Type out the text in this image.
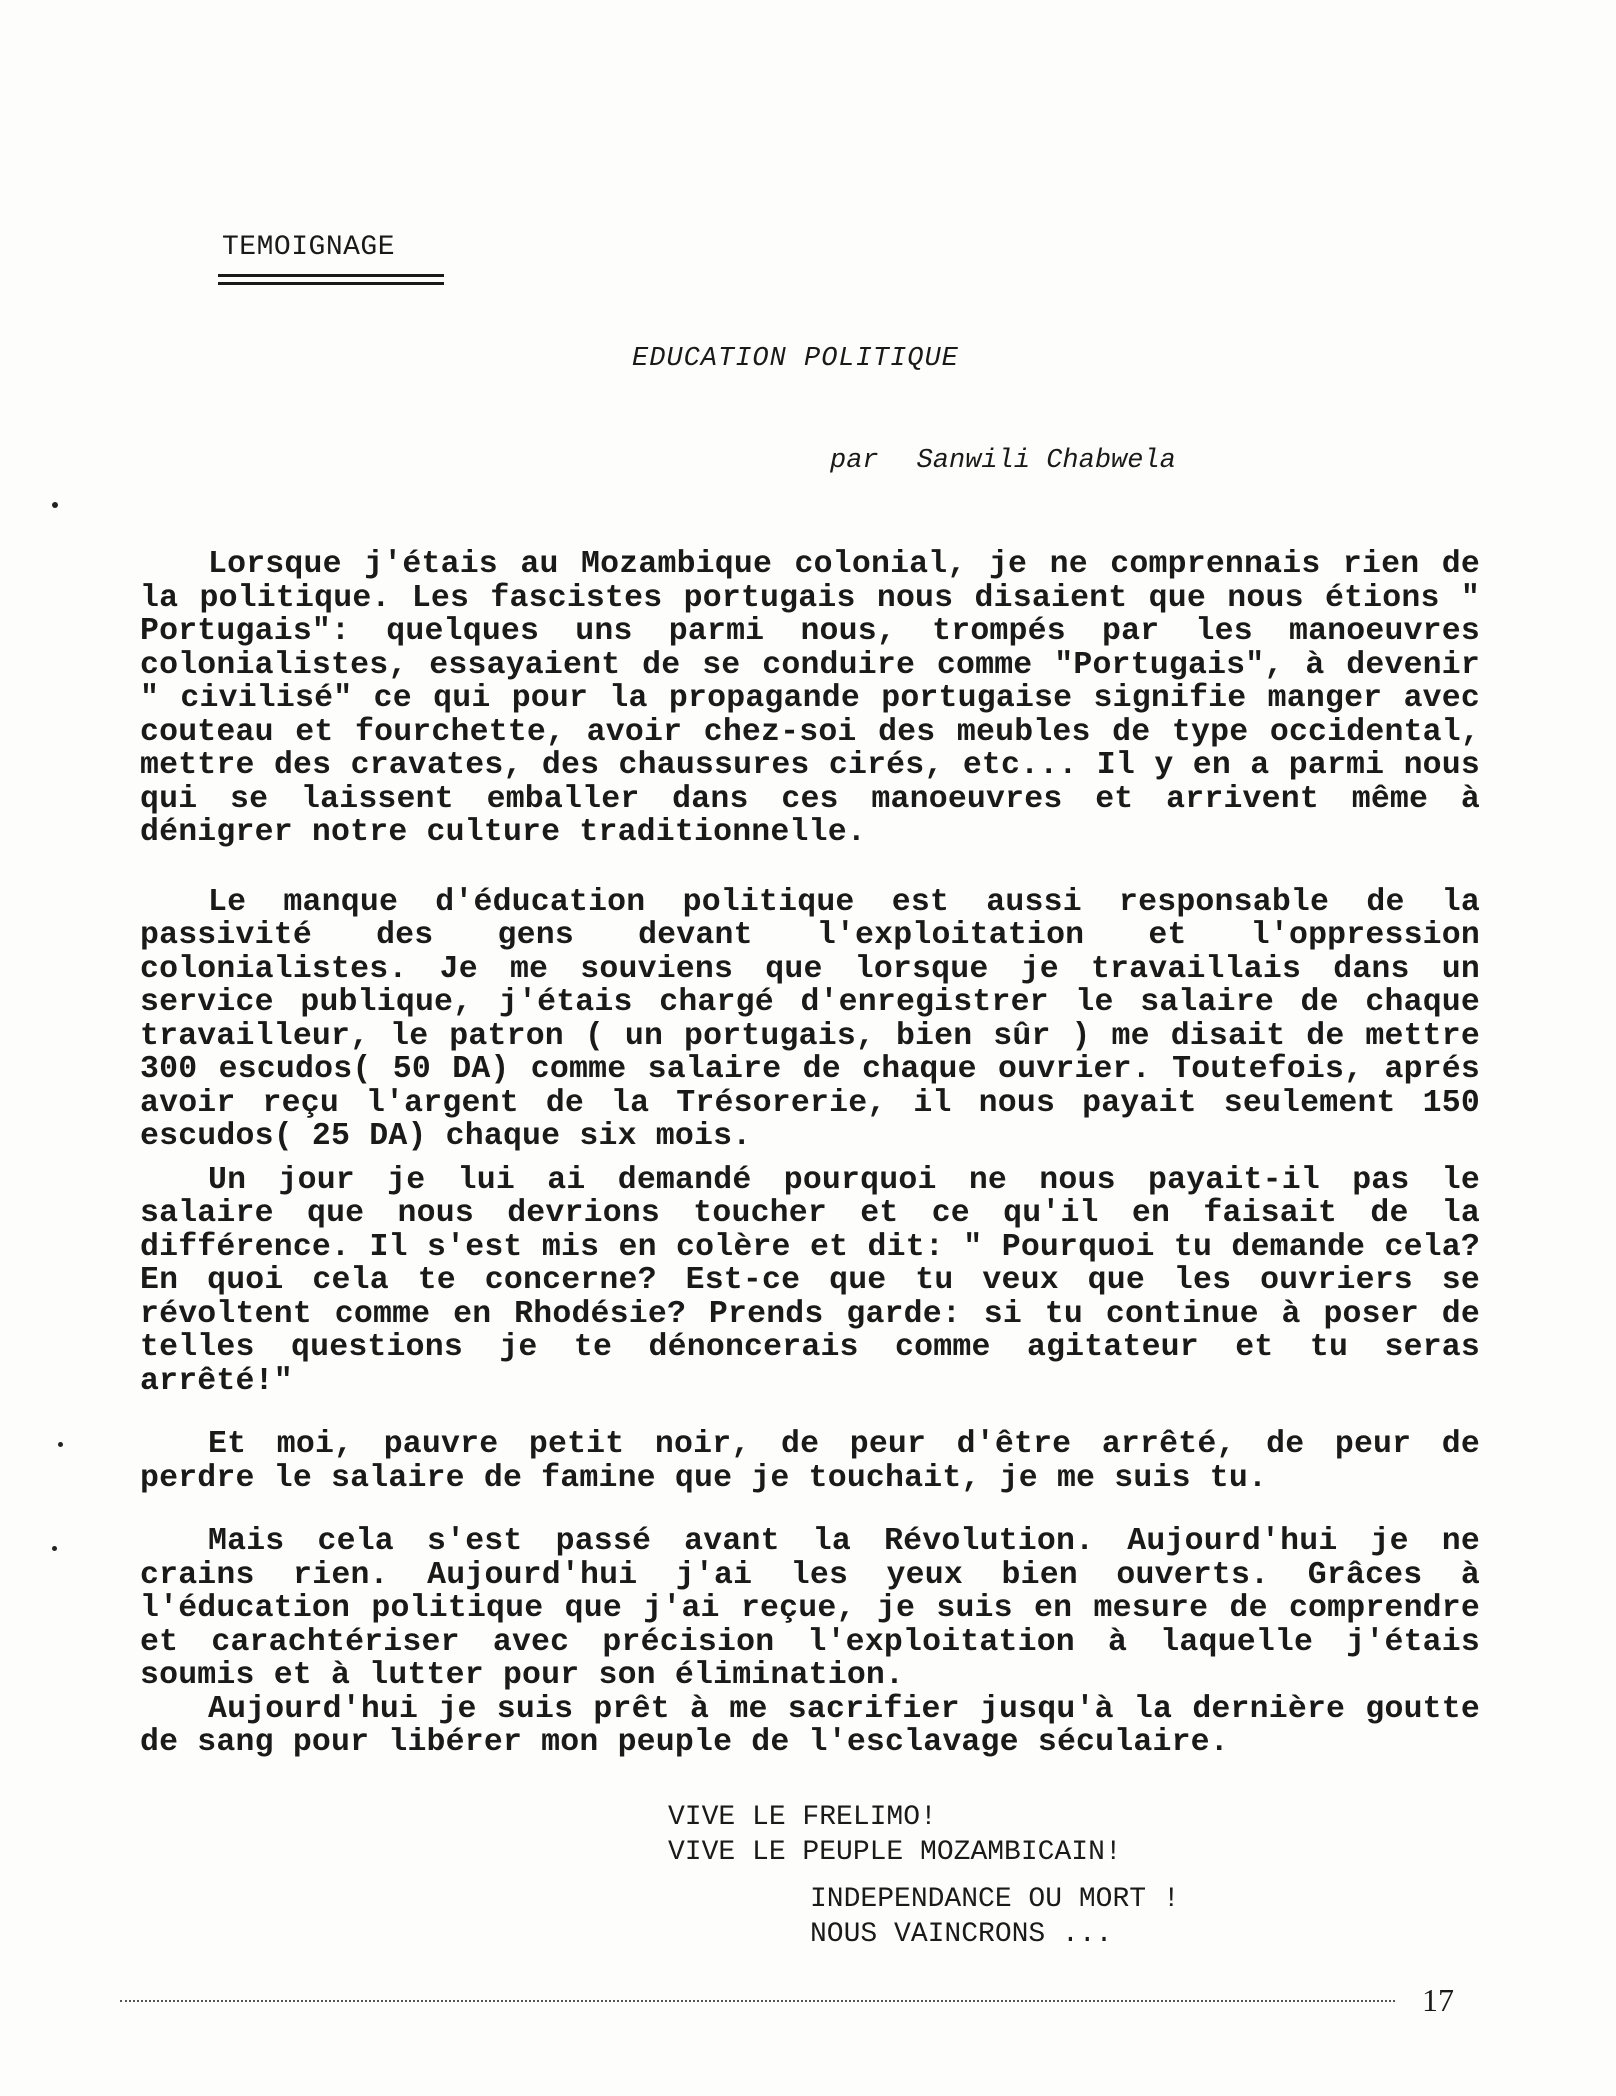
TEMOIGNAGE
EDUCATION POLITIQUE
par Sanwili Chabwela

Lorsque j'étais au Mozambique colonial, je ne comprennais rien de la politique. Les fascistes portugais nous disaient que nous étions " Portugais": quelques uns parmi nous, trompés par les manoeuvres colonialistes, essayaient de se conduire comme "Portugais", à devenir " civilisé" ce qui pour la propagande portugaise signifie manger avec couteau et fourchette, avoir chez-soi des meubles de type occidental, mettre des cravates, des chaussures cirés, etc... Il y en a parmi nous qui se laissent emballer dans ces manoeuvres et arrivent même à dénigrer notre culture traditionnelle.

Le manque d'éducation politique est aussi responsable de la passivité des gens devant l'exploitation et l'oppression colonialistes. Je me souviens que lorsque je travaillais dans un service publique, j'étais chargé d'enregistrer le salaire de chaque travailleur, le patron ( un portugais, bien sûr ) me disait de mettre 300 escudos( 50 DA) comme salaire de chaque ouvrier. Toutefois, aprés avoir reçu l'argent de la Trésorerie, il nous payait seulement 150 escudos( 25 DA) chaque six mois.

Un jour je lui ai demandé pourquoi ne nous payait-il pas le salaire que nous devrions toucher et ce qu'il en faisait de la différence. Il s'est mis en colère et dit: " Pourquoi tu demande cela? En quoi cela te concerne? Est-ce que tu veux que les ouvriers se révoltent comme en Rhodésie? Prends garde: si tu continue à poser de telles questions je te dénoncerais comme agitateur et tu seras arrêté!"

Et moi, pauvre petit noir, de peur d'être arrêté, de peur de perdre le salaire de famine que je touchait, je me suis tu.

Mais cela s'est passé avant la Révolution. Aujourd'hui je ne crains rien. Aujourd'hui j'ai les yeux bien ouverts. Grâces à l'éducation politique que j'ai reçue, je suis en mesure de comprendre et carachtériser avec précision l'exploitation à laquelle j'étais soumis et à lutter pour son élimination.

Aujourd'hui je suis prêt à me sacrifier jusqu'à la dernière goutte de sang pour libérer mon peuple de l'esclavage séculaire.

VIVE LE FRELIMO!
VIVE LE PEUPLE MOZAMBICAIN!
INDEPENDANCE OU MORT !
NOUS VAINCRONS ...
17
